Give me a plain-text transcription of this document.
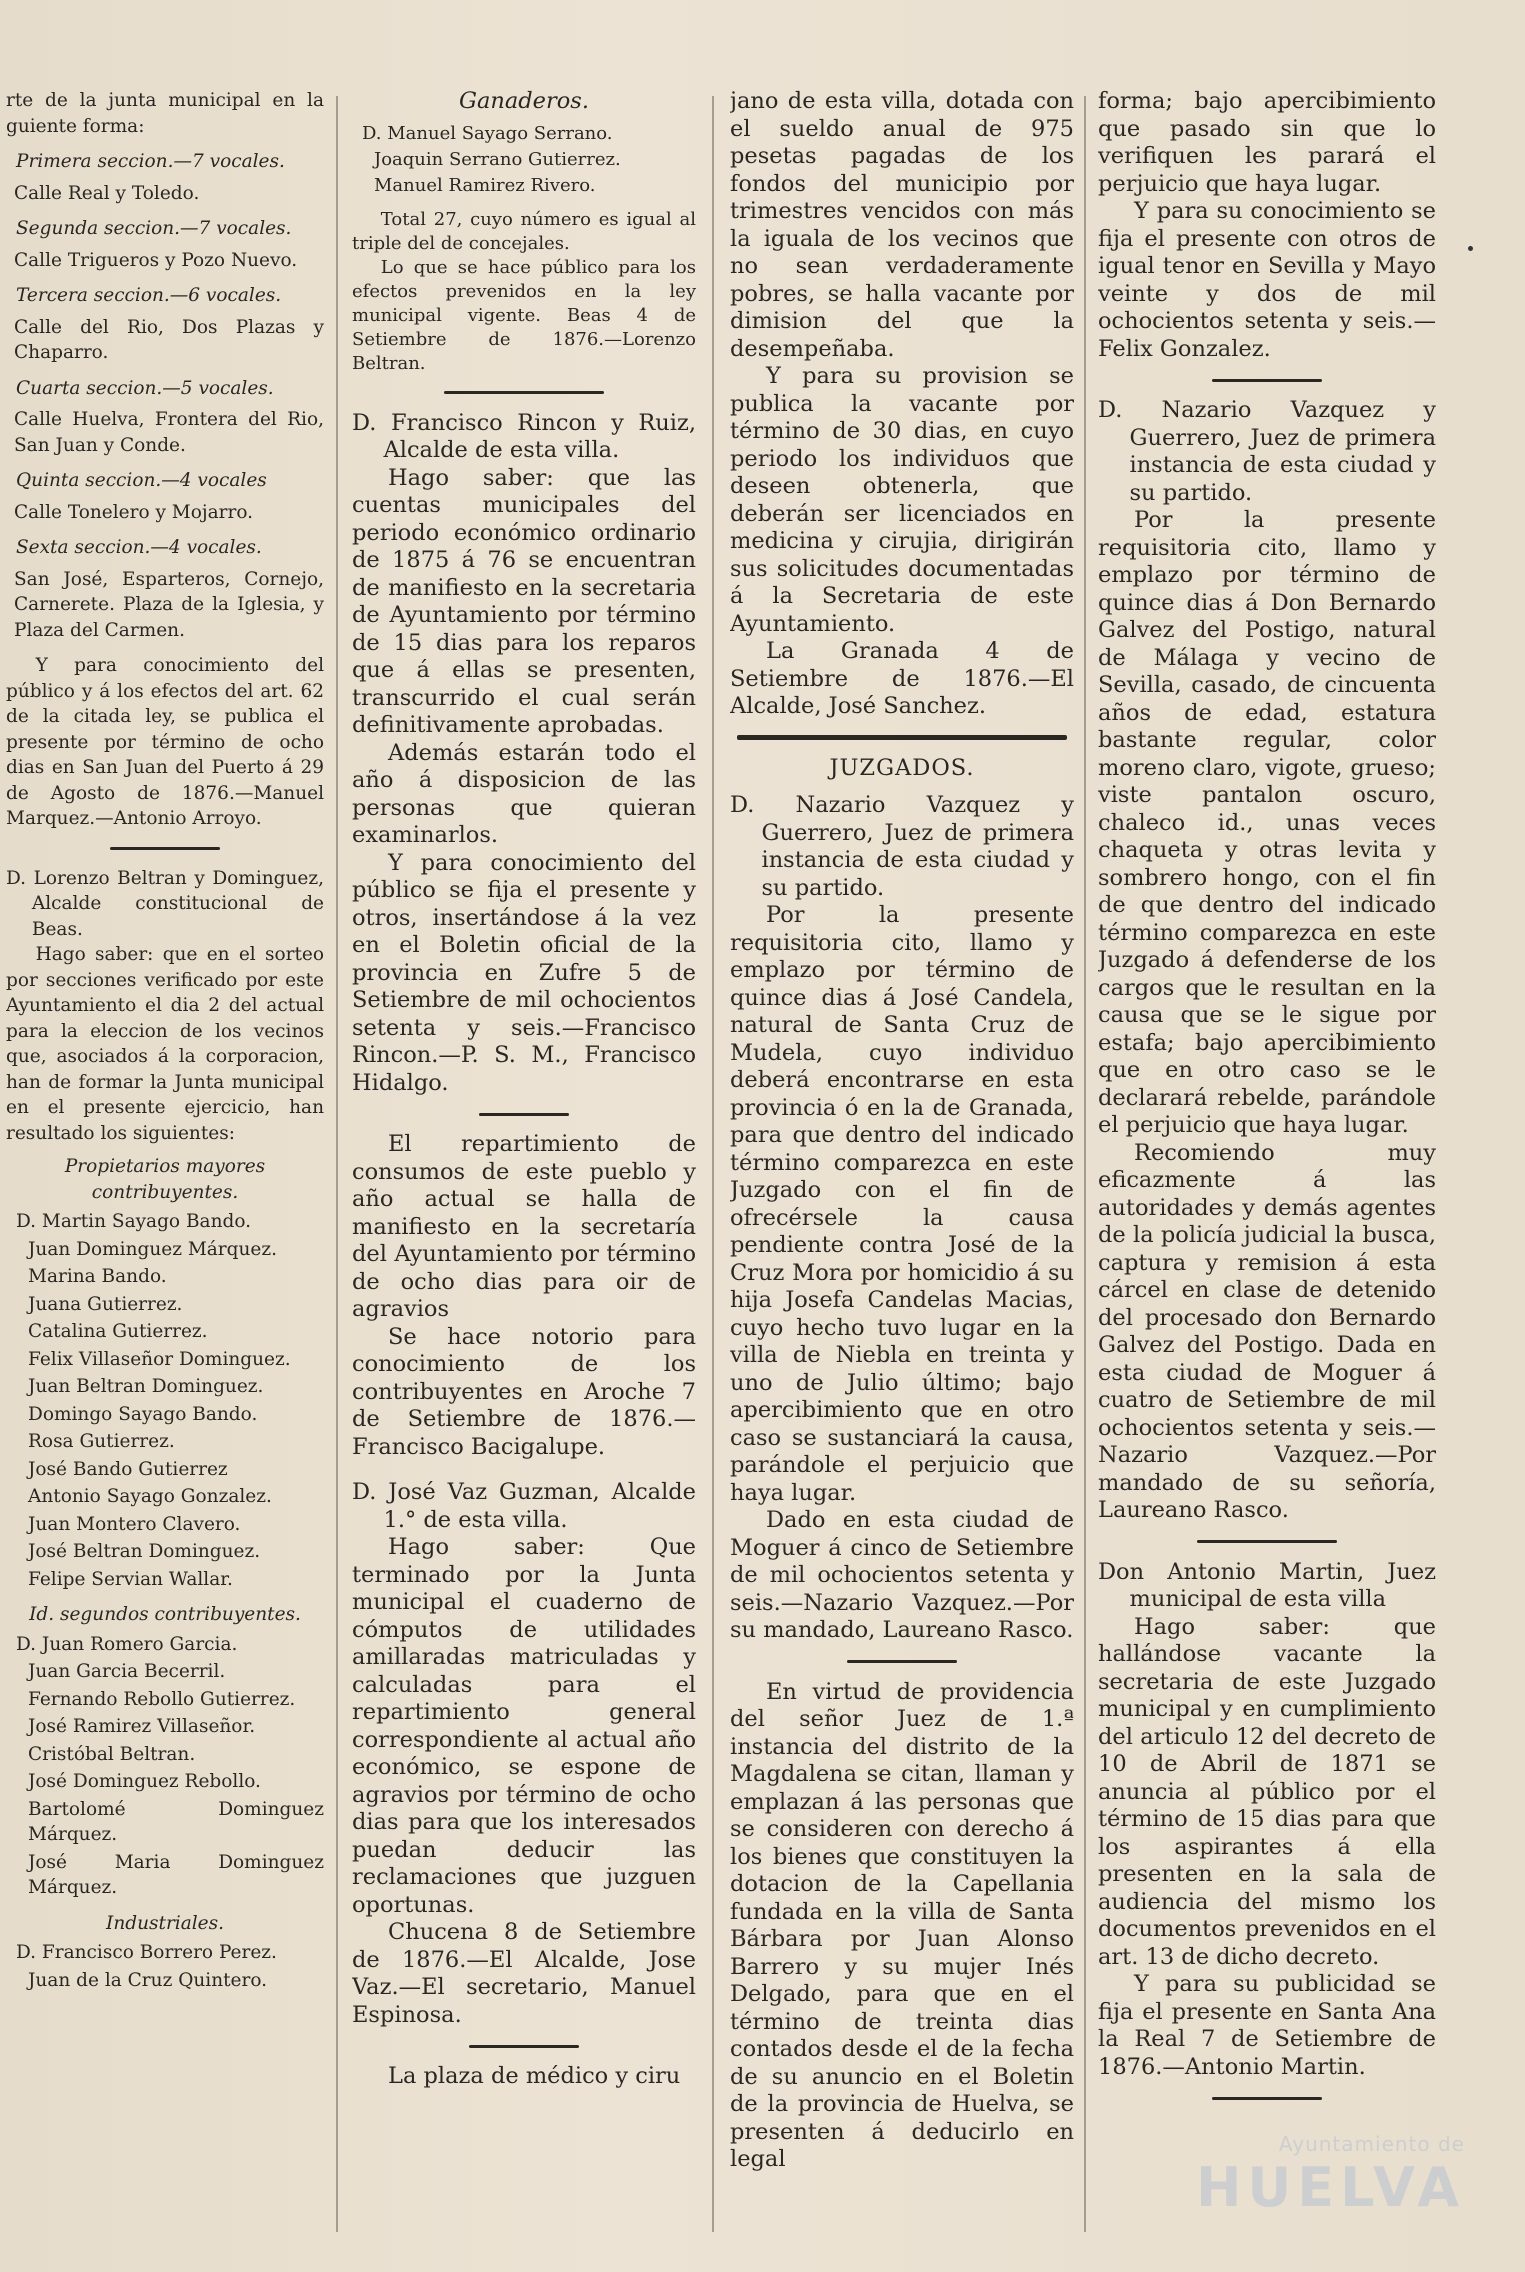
rte de la junta municipal en la guiente forma:

Primera seccion.—7 vocales.

Calle Real y Toledo.

Segunda seccion.—7 vocales.

Calle Trigueros y Pozo Nuevo.

Tercera seccion.—6 vocales.

Calle del Rio, Dos Plazas y Chaparro.

Cuarta seccion.—5 vocales.

Calle Huelva, Frontera del Rio, San Juan y Conde.

Quinta seccion.—4 vocales

Calle Tonelero y Mojarro.

Sexta seccion.—4 vocales.

San José, Esparteros, Cornejo, Carnerete. Plaza de la Iglesia, y Plaza del Carmen.

Y para conocimiento del público y á los efectos del art. 62 de la citada ley, se publica el presente por término de ocho dias en San Juan del Puerto á 29 de Agosto de 1876.—Manuel Marquez.—Antonio Arroyo.

D. Lorenzo Beltran y Dominguez, Alcalde constitucional de Beas.

Hago saber: que en el sorteo por secciones verificado por este Ayuntamiento el dia 2 del actual para la eleccion de los vecinos que, asociados á la corporacion, han de formar la Junta municipal en el presente ejercicio, han resultado los siguientes:

Propietarios mayores contribuyentes.

D. Martin Sayago Bando.

Juan Dominguez Márquez.

Marina Bando.

Juana Gutierrez.

Catalina Gutierrez.

Felix Villaseñor Dominguez.

Juan Beltran Dominguez.

Domingo Sayago Bando.

Rosa Gutierrez.

José Bando Gutierrez

Antonio Sayago Gonzalez.

Juan Montero Clavero.

José Beltran Dominguez.

Felipe Servian Wallar.

Id. segundos contribuyentes.

D. Juan Romero Garcia.

Juan Garcia Becerril.

Fernando Rebollo Gutierrez.

José Ramirez Villaseñor.

Cristóbal Beltran.

José Dominguez Rebollo.

Bartolomé Dominguez Márquez.

José Maria Dominguez Márquez.

Industriales.

D. Francisco Borrero Perez.

Juan de la Cruz Quintero.

Ganaderos.

D. Manuel Sayago Serrano.

Joaquin Serrano Gutierrez.

Manuel Ramirez Rivero.

Total 27, cuyo número es igual al triple del de concejales.

Lo que se hace público para los efectos prevenidos en la ley municipal vigente. Beas 4 de Setiembre de 1876.—Lorenzo Beltran.

D. Francisco Rincon y Ruiz, Alcalde de esta villa.

Hago saber: que las cuentas municipales del periodo económico ordinario de 1875 á 76 se encuentran de manifiesto en la secretaria de Ayuntamiento por término de 15 dias para los reparos que á ellas se presenten, transcurrido el cual serán definitivamente aprobadas.

Además estarán todo el año á disposicion de las personas que quieran examinarlos.

Y para conocimiento del público se fija el presente y otros, insertándose á la vez en el Boletin oficial de la provincia en Zufre 5 de Setiembre de mil ochocientos setenta y seis.—Francisco Rincon.—P. S. M., Francisco Hidalgo.

El repartimiento de consumos de este pueblo y año actual se halla de manifiesto en la secretaría del Ayuntamiento por término de ocho dias para oir de agravios

Se hace notorio para conocimiento de los contribuyentes en Aroche 7 de Setiembre de 1876.—Francisco Bacigalupe.

D. José Vaz Guzman, Alcalde 1.° de esta villa.

Hago saber: Que terminado por la Junta municipal el cuaderno de cómputos de utilidades amillaradas matriculadas y calculadas para el repartimiento general correspondiente al actual año económico, se espone de agravios por término de ocho dias para que los interesados puedan deducir las reclamaciones que juzguen oportunas.

Chucena 8 de Setiembre de 1876.—El Alcalde, Jose Vaz.—El secretario, Manuel Espinosa.

La plaza de médico y ciru

jano de esta villa, dotada con el sueldo anual de 975 pesetas pagadas de los fondos del municipio por trimestres vencidos con más la iguala de los vecinos que no sean verdaderamente pobres, se halla vacante por dimision del que la desempeñaba.

Y para su provision se publica la vacante por término de 30 dias, en cuyo periodo los individuos que deseen obtenerla, que deberán ser licenciados en medicina y cirujia, dirigirán sus solicitudes documentadas á la Secretaria de este Ayuntamiento.

La Granada 4 de Setiembre de 1876.—El Alcalde, José Sanchez.

JUZGADOS.

D. Nazario Vazquez y Guerrero, Juez de primera instancia de esta ciudad y su partido.

Por la presente requisitoria cito, llamo y emplazo por término de quince dias á José Candela, natural de Santa Cruz de Mudela, cuyo individuo deberá encontrarse en esta provincia ó en la de Granada, para que dentro del indicado término comparezca en este Juzgado con el fin de ofrecérsele la causa pendiente contra José de la Cruz Mora por homicidio á su hija Josefa Candelas Macias, cuyo hecho tuvo lugar en la villa de Niebla en treinta y uno de Julio último; bajo apercibimiento que en otro caso se sustanciará la causa, parándole el perjuicio que haya lugar.

Dado en esta ciudad de Moguer á cinco de Setiembre de mil ochocientos setenta y seis.—Nazario Vazquez.—Por su mandado, Laureano Rasco.

En virtud de providencia del señor Juez de 1.ª instancia del distrito de la Magdalena se citan, llaman y emplazan á las personas que se consideren con derecho á los bienes que constituyen la dotacion de la Capellania fundada en la villa de Santa Bárbara por Juan Alonso Barrero y su mujer Inés Delgado, para que en el término de treinta dias contados desde el de la fecha de su anuncio en el Boletin de la provincia de Huelva, se presenten á deducirlo en legal

forma; bajo apercibimiento que pasado sin que lo verifiquen les parará el perjuicio que haya lugar.

Y para su conocimiento se fija el presente con otros de igual tenor en Sevilla y Mayo veinte y dos de mil ochocientos setenta y seis.—Felix Gonzalez.

D. Nazario Vazquez y Guerrero, Juez de primera instancia de esta ciudad y su partido.

Por la presente requisitoria cito, llamo y emplazo por término de quince dias á Don Bernardo Galvez del Postigo, natural de Málaga y vecino de Sevilla, casado, de cincuenta años de edad, estatura bastante regular, color moreno claro, vigote, grueso; viste pantalon oscuro, chaleco id., unas veces chaqueta y otras levita y sombrero hongo, con el fin de que dentro del indicado término comparezca en este Juzgado á defenderse de los cargos que le resultan en la causa que se le sigue por estafa; bajo apercibimiento que en otro caso se le declarará rebelde, parándole el perjuicio que haya lugar.

Recomiendo muy eficazmente á las autoridades y demás agentes de la policía judicial la busca, captura y remision á esta cárcel en clase de detenido del procesado don Bernardo Galvez del Postigo. Dada en esta ciudad de Moguer á cuatro de Setiembre de mil ochocientos setenta y seis.—Nazario Vazquez.—Por mandado de su señoría, Laureano Rasco.

Don Antonio Martin, Juez municipal de esta villa

Hago saber: que hallándose vacante la secretaria de este Juzgado municipal y en cumplimiento del articulo 12 del decreto de 10 de Abril de 1871 se anuncia al público por el término de 15 dias para que los aspirantes á ella presenten en la sala de audiencia del mismo los documentos prevenidos en el art. 13 de dicho decreto.

Y para su publicidad se fija el presente en Santa Ana la Real 7 de Setiembre de 1876.—Antonio Martin.

Ayuntamiento de
HUELVA
